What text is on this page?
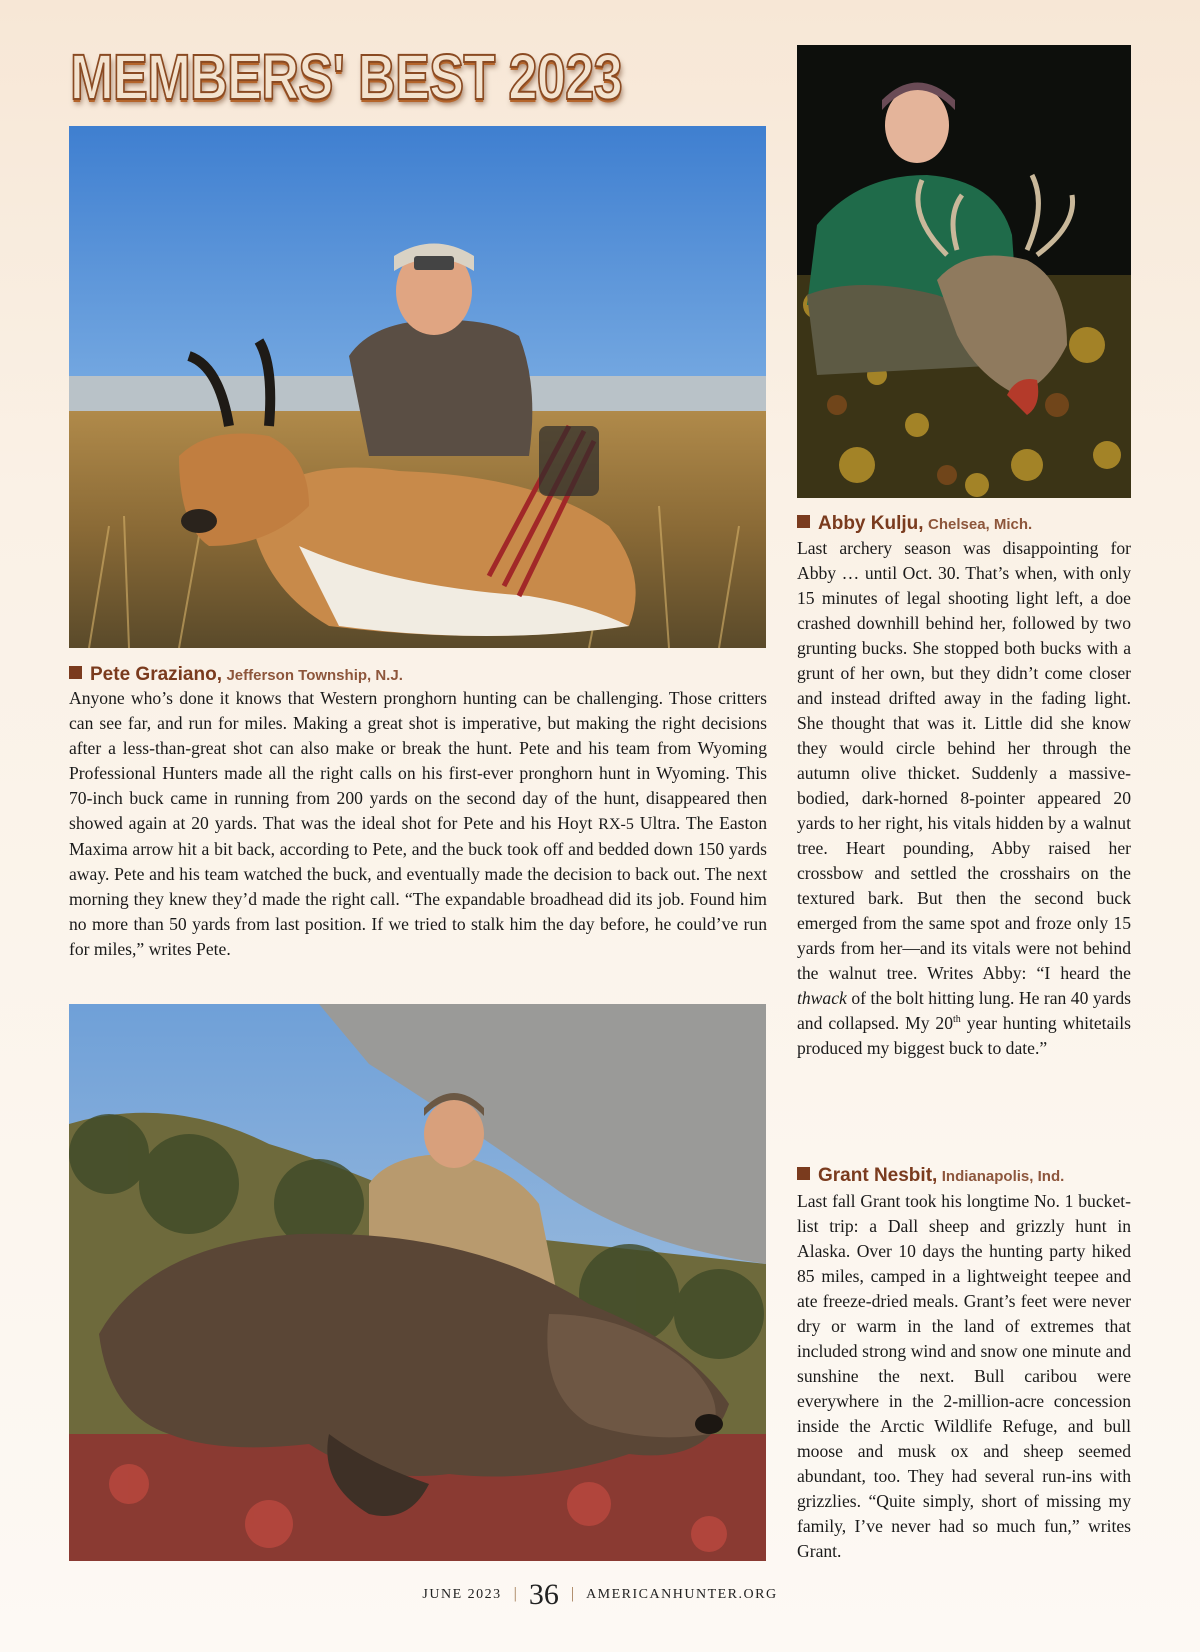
MEMBERS' BEST 2023
Pete Graziano, Jefferson Township, N.J.
Anyone who’s done it knows that Western pronghorn hunting can be challenging. Those critters can see far, and run for miles. Making a great shot is imperative, but making the right decisions after a less-than-great shot can also make or break the hunt. Pete and his team from Wyoming Professional Hunters made all the right calls on his first-ever pronghorn hunt in Wyoming. This 70-inch buck came in running from 200 yards on the second day of the hunt, disappeared then showed again at 20 yards. That was the ideal shot for Pete and his Hoyt RX-5 Ultra. The Easton Maxima arrow hit a bit back, according to Pete, and the buck took off and bedded down 150 yards away. Pete and his team watched the buck, and eventually made the decision to back out. The next morning they knew they’d made the right call. “The expandable broadhead did its job. Found him no more than 50 yards from last position. If we tried to stalk him the day before, he could’ve run for miles,” writes Pete.
Abby Kulju, Chelsea, Mich.
Last archery season was disappointing for Abby … until Oct. 30. That’s when, with only 15 minutes of legal shooting light left, a doe crashed downhill behind her, followed by two grunting bucks. She stopped both bucks with a grunt of her own, but they didn’t come closer and instead drifted away in the fading light. She thought that was it. Little did she know they would circle behind her through the autumn olive thicket. Suddenly a massive-bodied, dark-horned 8-pointer appeared 20 yards to her right, his vitals hidden by a walnut tree. Heart pounding, Abby raised her crossbow and settled the crosshairs on the textured bark. But then the second buck emerged from the same spot and froze only 15 yards from her—and its vitals were not behind the walnut tree. Writes Abby: “I heard the thwack of the bolt hitting lung. He ran 40 yards and collapsed. My 20th year hunting whitetails produced my biggest buck to date.”
Grant Nesbit, Indianapolis, Ind.
Last fall Grant took his longtime No. 1 bucket-list trip: a Dall sheep and grizzly hunt in Alaska. Over 10 days the hunting party hiked 85 miles, camped in a lightweight teepee and ate freeze-dried meals. Grant’s feet were never dry or warm in the land of extremes that included strong wind and snow one minute and sunshine the next. Bull caribou were everywhere in the 2-million-acre concession inside the Arctic Wildlife Refuge, and bull moose and musk ox and sheep seemed abundant, too. They had several run-ins with grizzlies. “Quite simply, short of missing my family, I’ve never had so much fun,” writes Grant.
JUNE 2023 | 36 | AMERICANHUNTER.ORG
